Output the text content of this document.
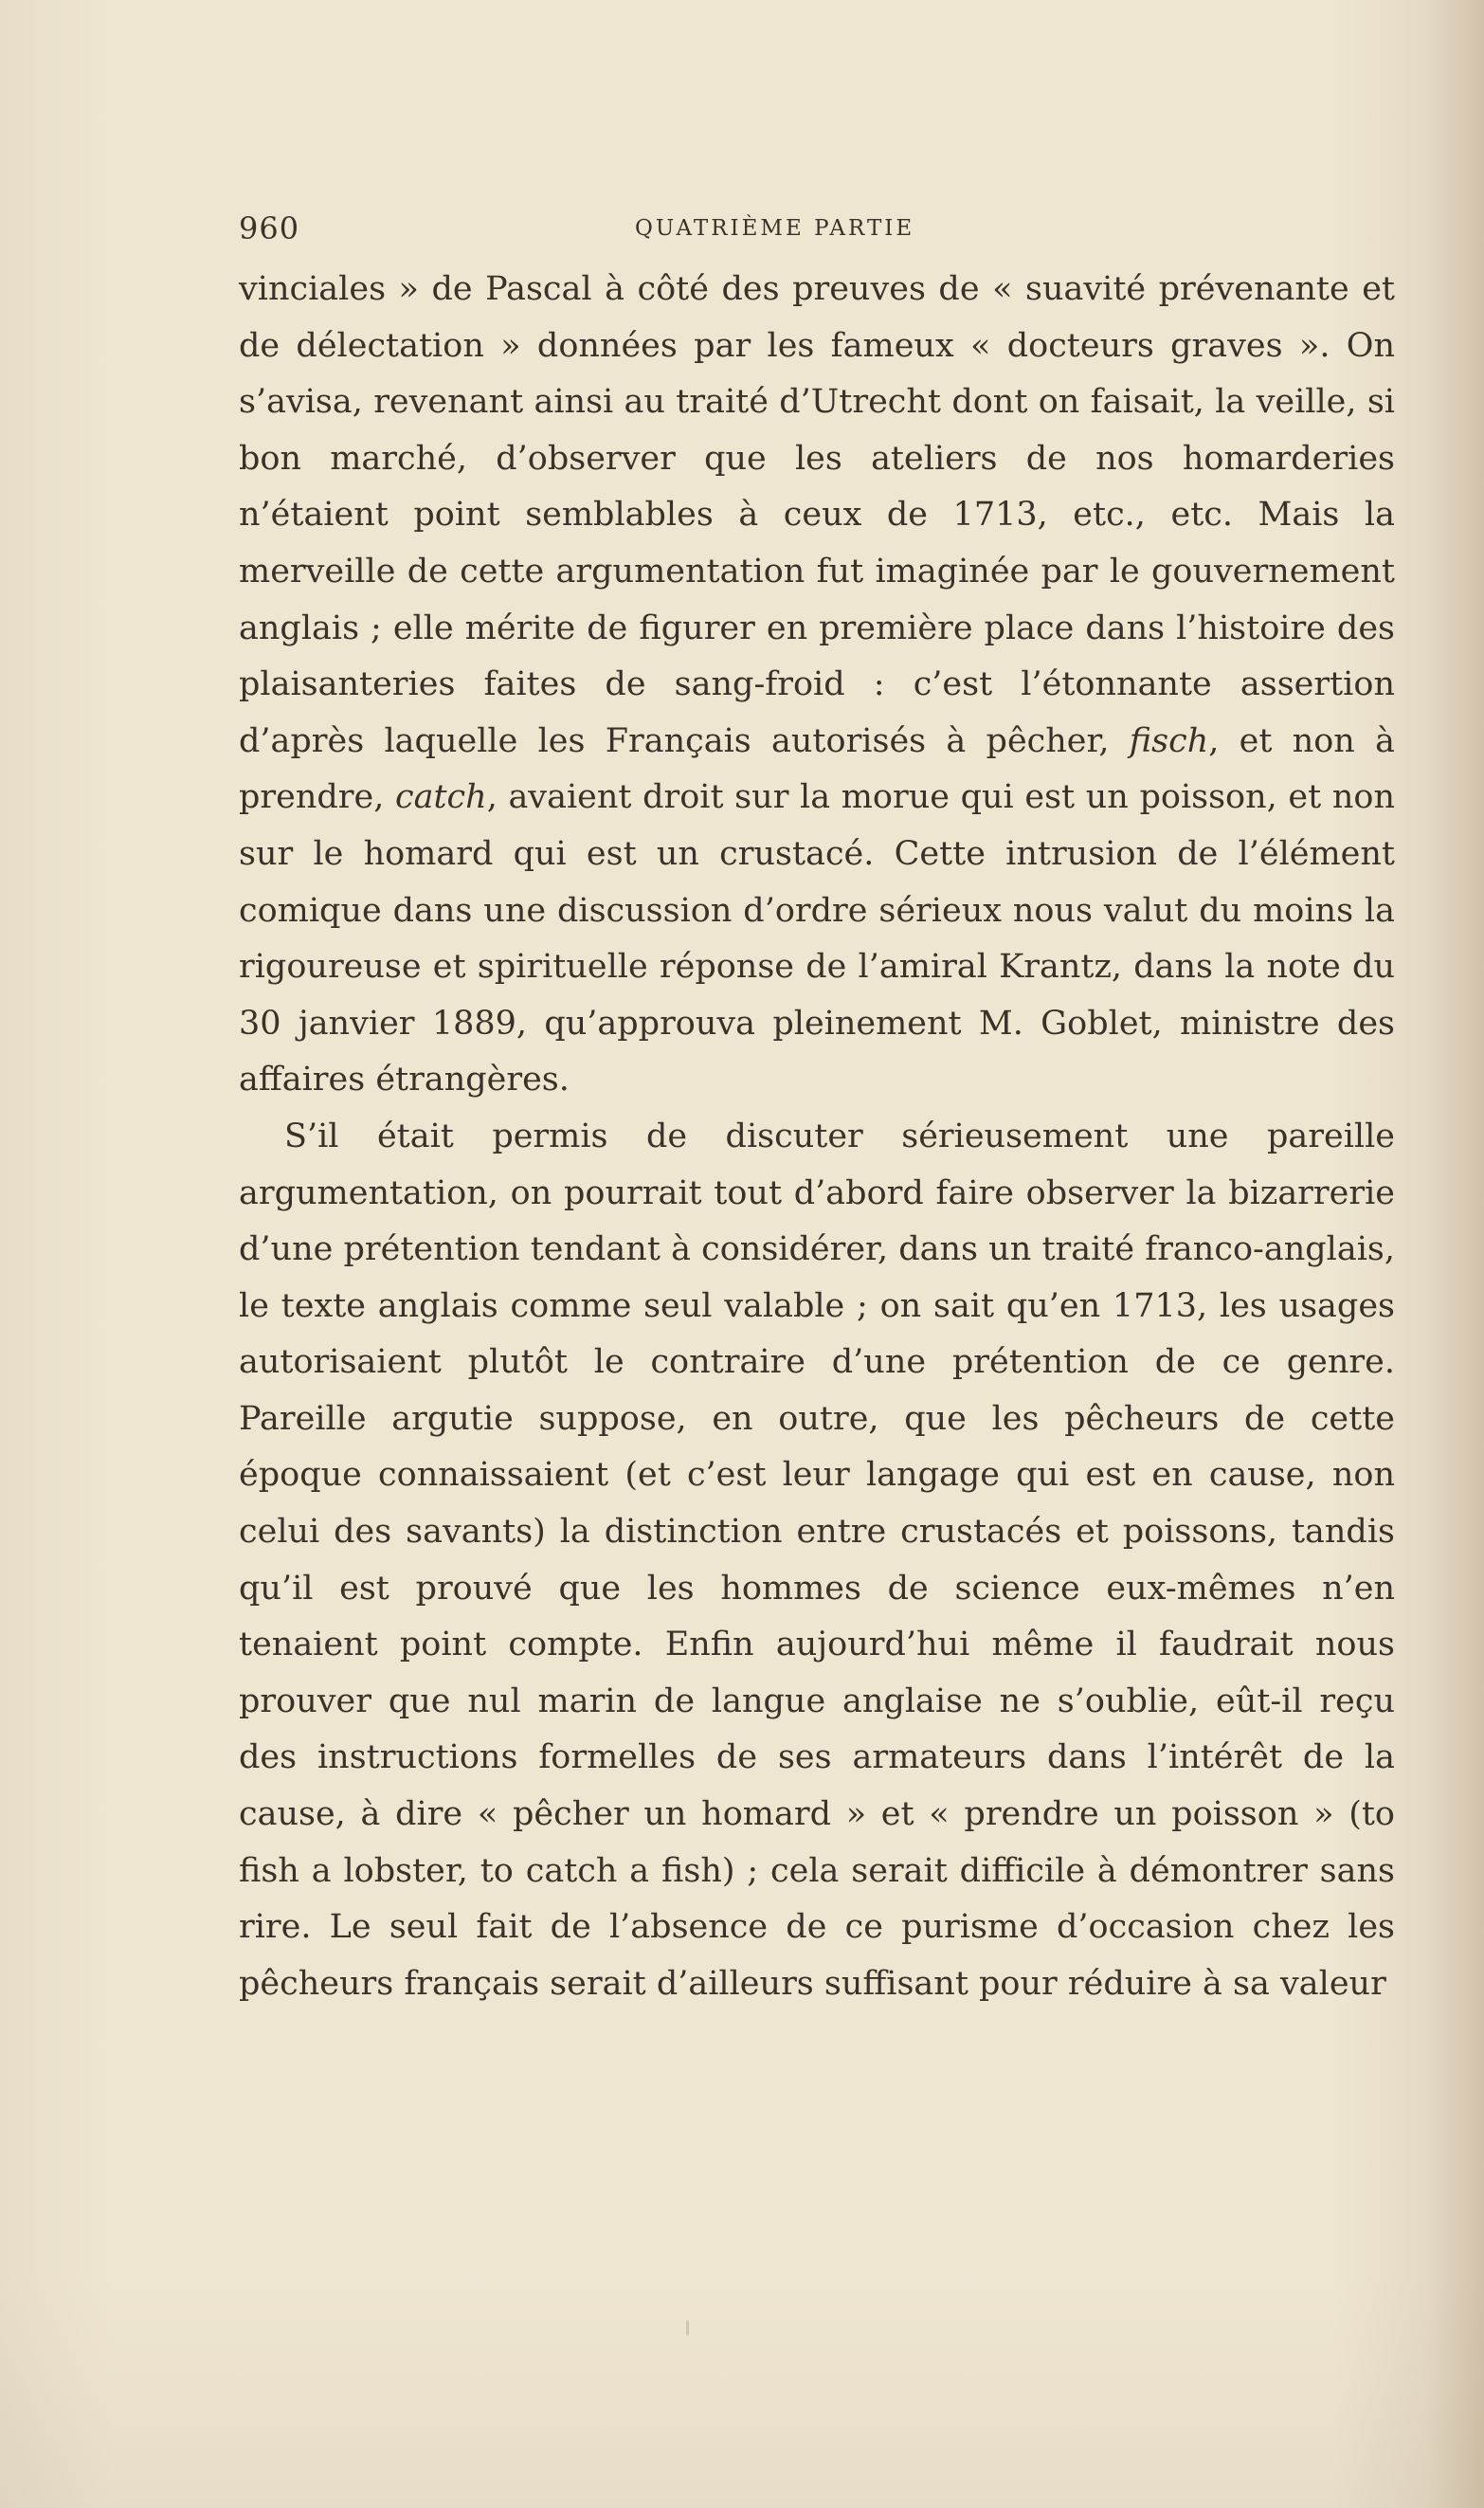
960	QUATRIÈME PARTIE

vinciales » de Pascal à côté des preuves de « suavité prévenante et de délectation » données par les fameux « docteurs graves ». On s’avisa, revenant ainsi au traité d’Utrecht dont on faisait, la veille, si bon marché, d’observer que les ateliers de nos homarderies n’étaient point semblables à ceux de 1713, etc., etc. Mais la merveille de cette argumentation fut imaginée par le gouvernement anglais ; elle mérite de figurer en première place dans l’histoire des plaisanteries faites de sang-froid : c’est l’étonnante assertion d’après laquelle les Français autorisés à pêcher, fisch, et non à prendre, catch, avaient droit sur la morue qui est un poisson, et non sur le homard qui est un crustacé. Cette intrusion de l’élément comique dans une discussion d’ordre sérieux nous valut du moins la rigoureuse et spirituelle réponse de l’amiral Krantz, dans la note du 30 janvier 1889, qu’approuva pleinement M. Goblet, ministre des affaires étrangères.

S’il était permis de discuter sérieusement une pareille argumentation, on pourrait tout d’abord faire observer la bizarrerie d’une prétention tendant à considérer, dans un traité franco-anglais, le texte anglais comme seul valable ; on sait qu’en 1713, les usages autorisaient plutôt le contraire d’une prétention de ce genre. Pareille argutie suppose, en outre, que les pêcheurs de cette époque connaissaient (et c’est leur langage qui est en cause, non celui des savants) la distinction entre crustacés et poissons, tandis qu’il est prouvé que les hommes de science eux-mêmes n’en tenaient point compte. Enfin aujourd’hui même il faudrait nous prouver que nul marin de langue anglaise ne s’oublie, eût-il reçu des instructions formelles de ses armateurs dans l’intérêt de la cause, à dire « pêcher un homard » et « prendre un poisson » (to fish a lobster, to catch a fish) ; cela serait difficile à démontrer sans rire. Le seul fait de l’absence de ce purisme d’occasion chez les pêcheurs français serait d’ailleurs suffisant pour réduire à sa valeur
